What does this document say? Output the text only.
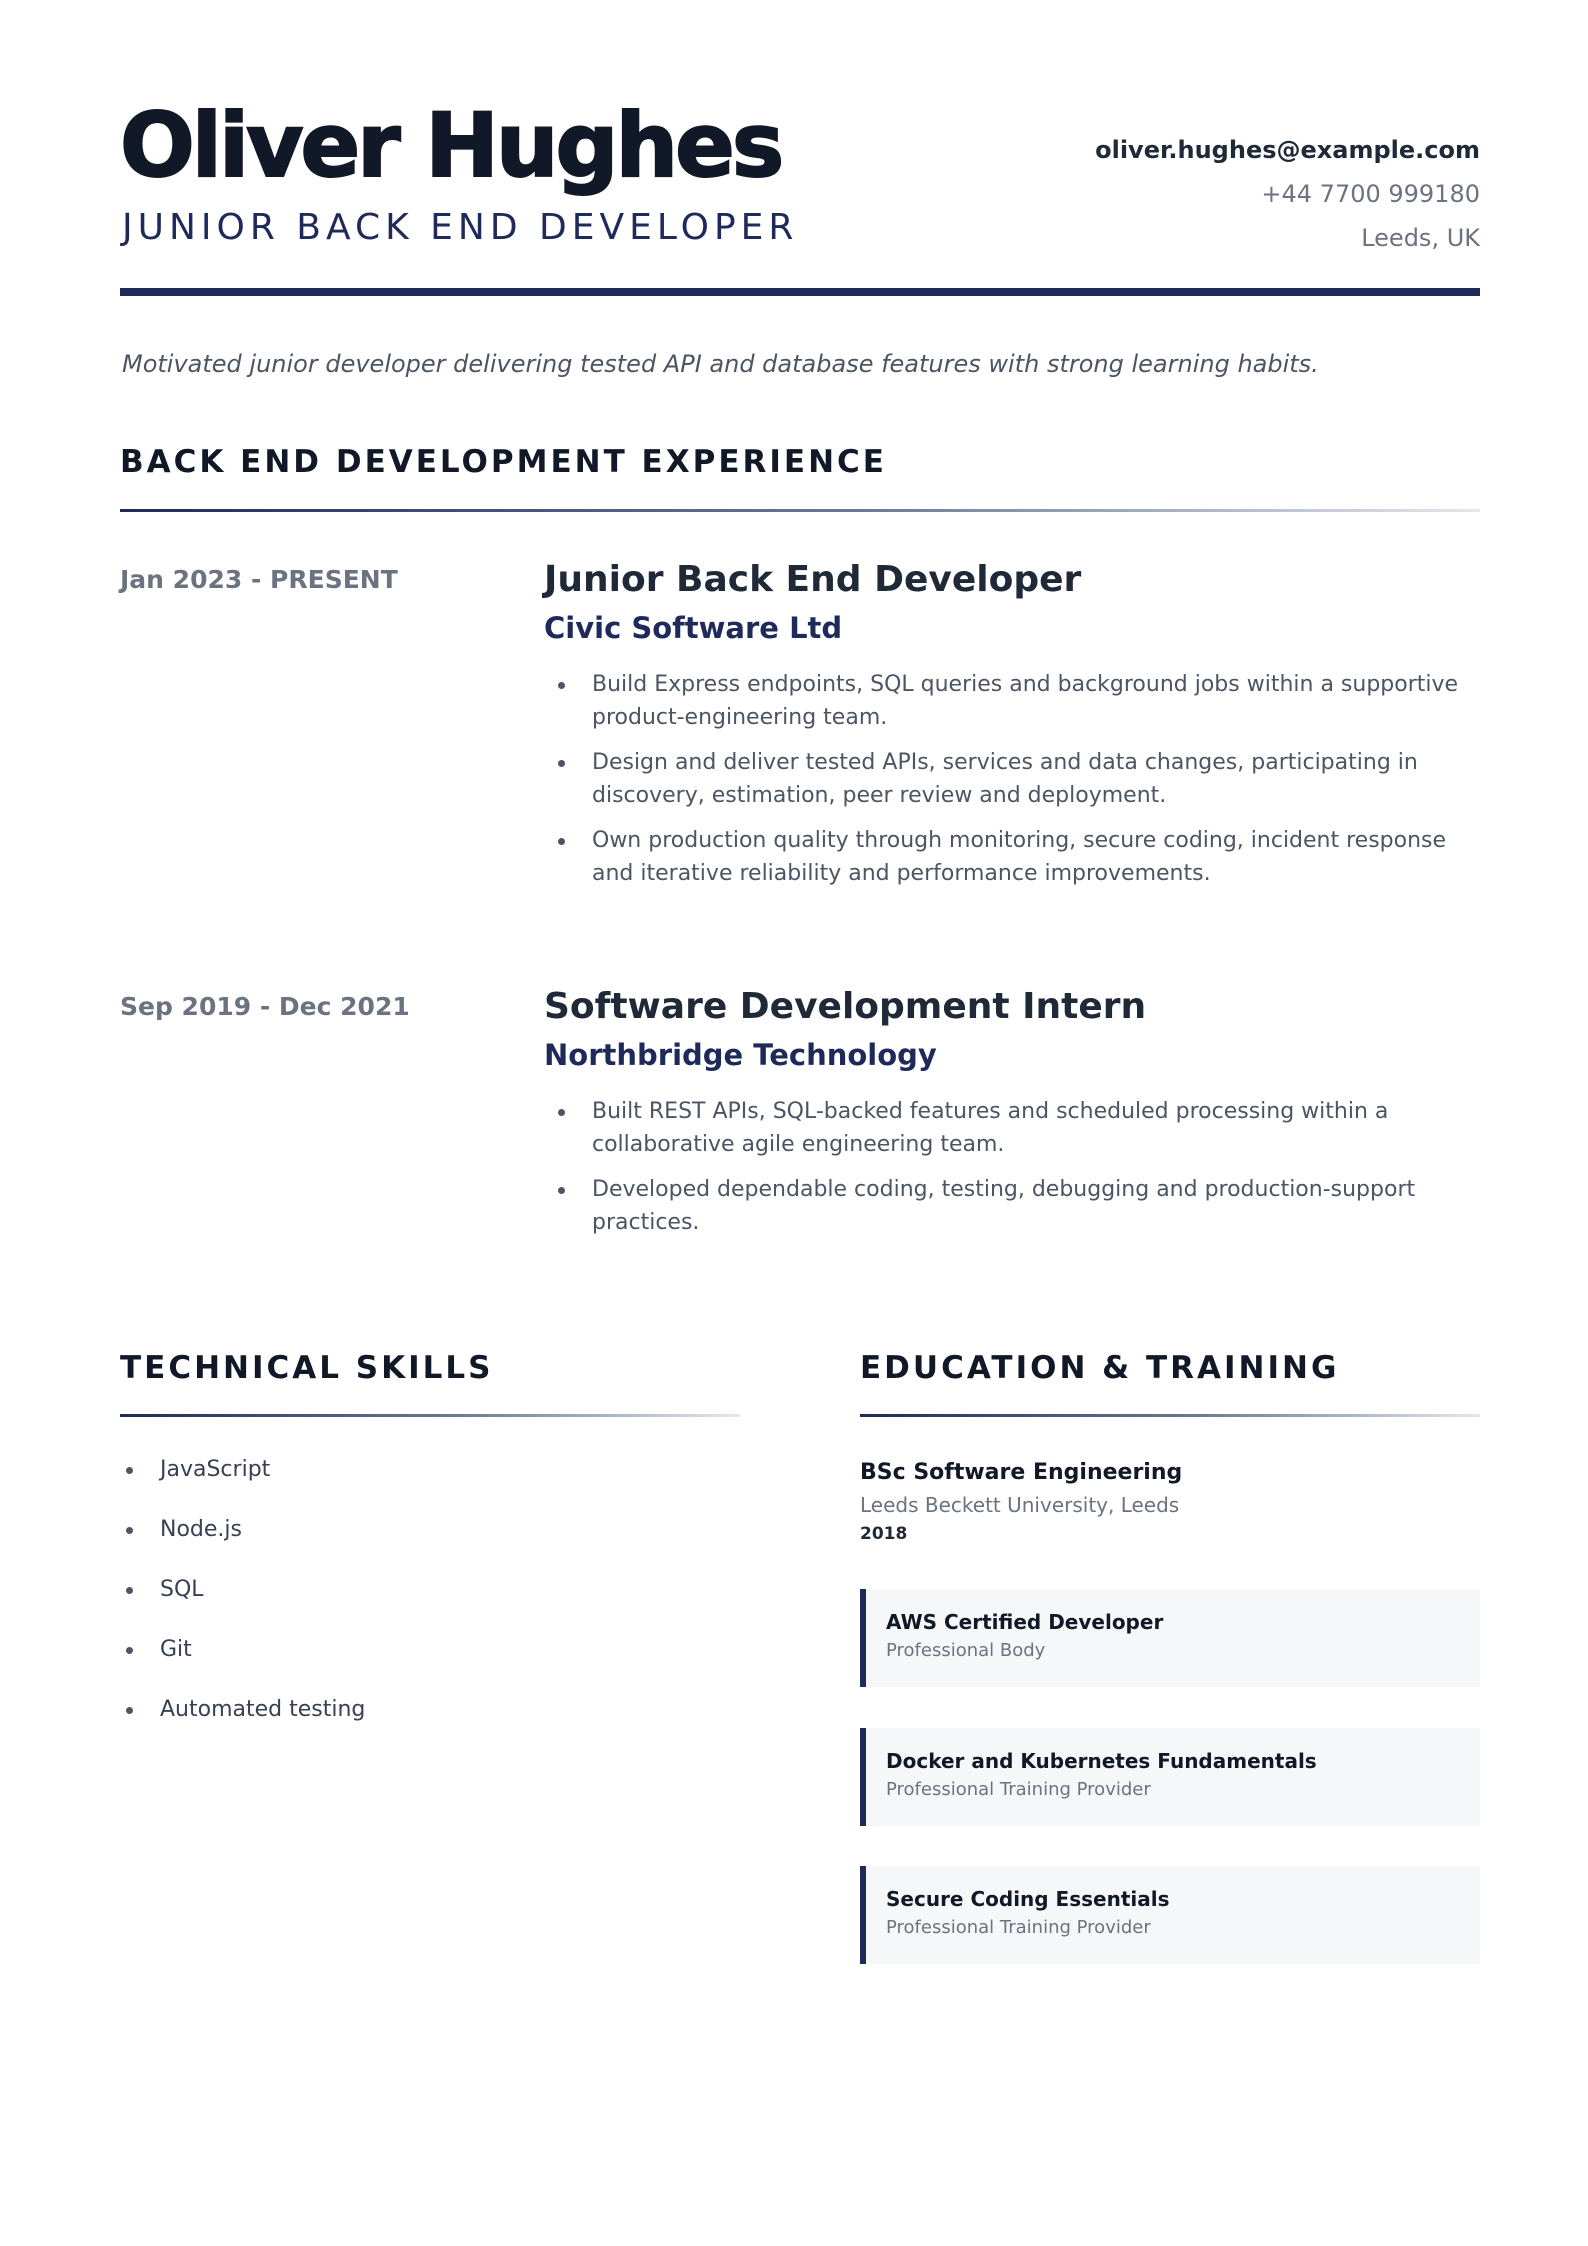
Oliver Hughes
JUNIOR BACK END DEVELOPER
oliver.hughes@example.com
+44 7700 999180
Leeds, UK
Motivated junior developer delivering tested API and database features with strong learning habits.
BACK END DEVELOPMENT EXPERIENCE
Jan 2023 - PRESENT	Junior Back End Developer
Civic Software Ltd
Build Express endpoints, SQL queries and background jobs within a supportive product-engineering team.
Design and deliver tested APIs, services and data changes, participating in discovery, estimation, peer review and deployment.
Own production quality through monitoring, secure coding, incident response and iterative reliability and performance improvements.
Sep 2019 - Dec 2021	Software Development Intern
Northbridge Technology
Built REST APIs, SQL-backed features and scheduled processing within a collaborative agile engineering team.
Developed dependable coding, testing, debugging and production-support practices.
TECHNICAL SKILLS
JavaScript
Node.js
SQL
Git
Automated testing
EDUCATION & TRAINING
BSc Software Engineering
Leeds Beckett University, Leeds
2018
AWS Certified Developer
Professional Body
Docker and Kubernetes Fundamentals
Professional Training Provider
Secure Coding Essentials
Professional Training Provider
